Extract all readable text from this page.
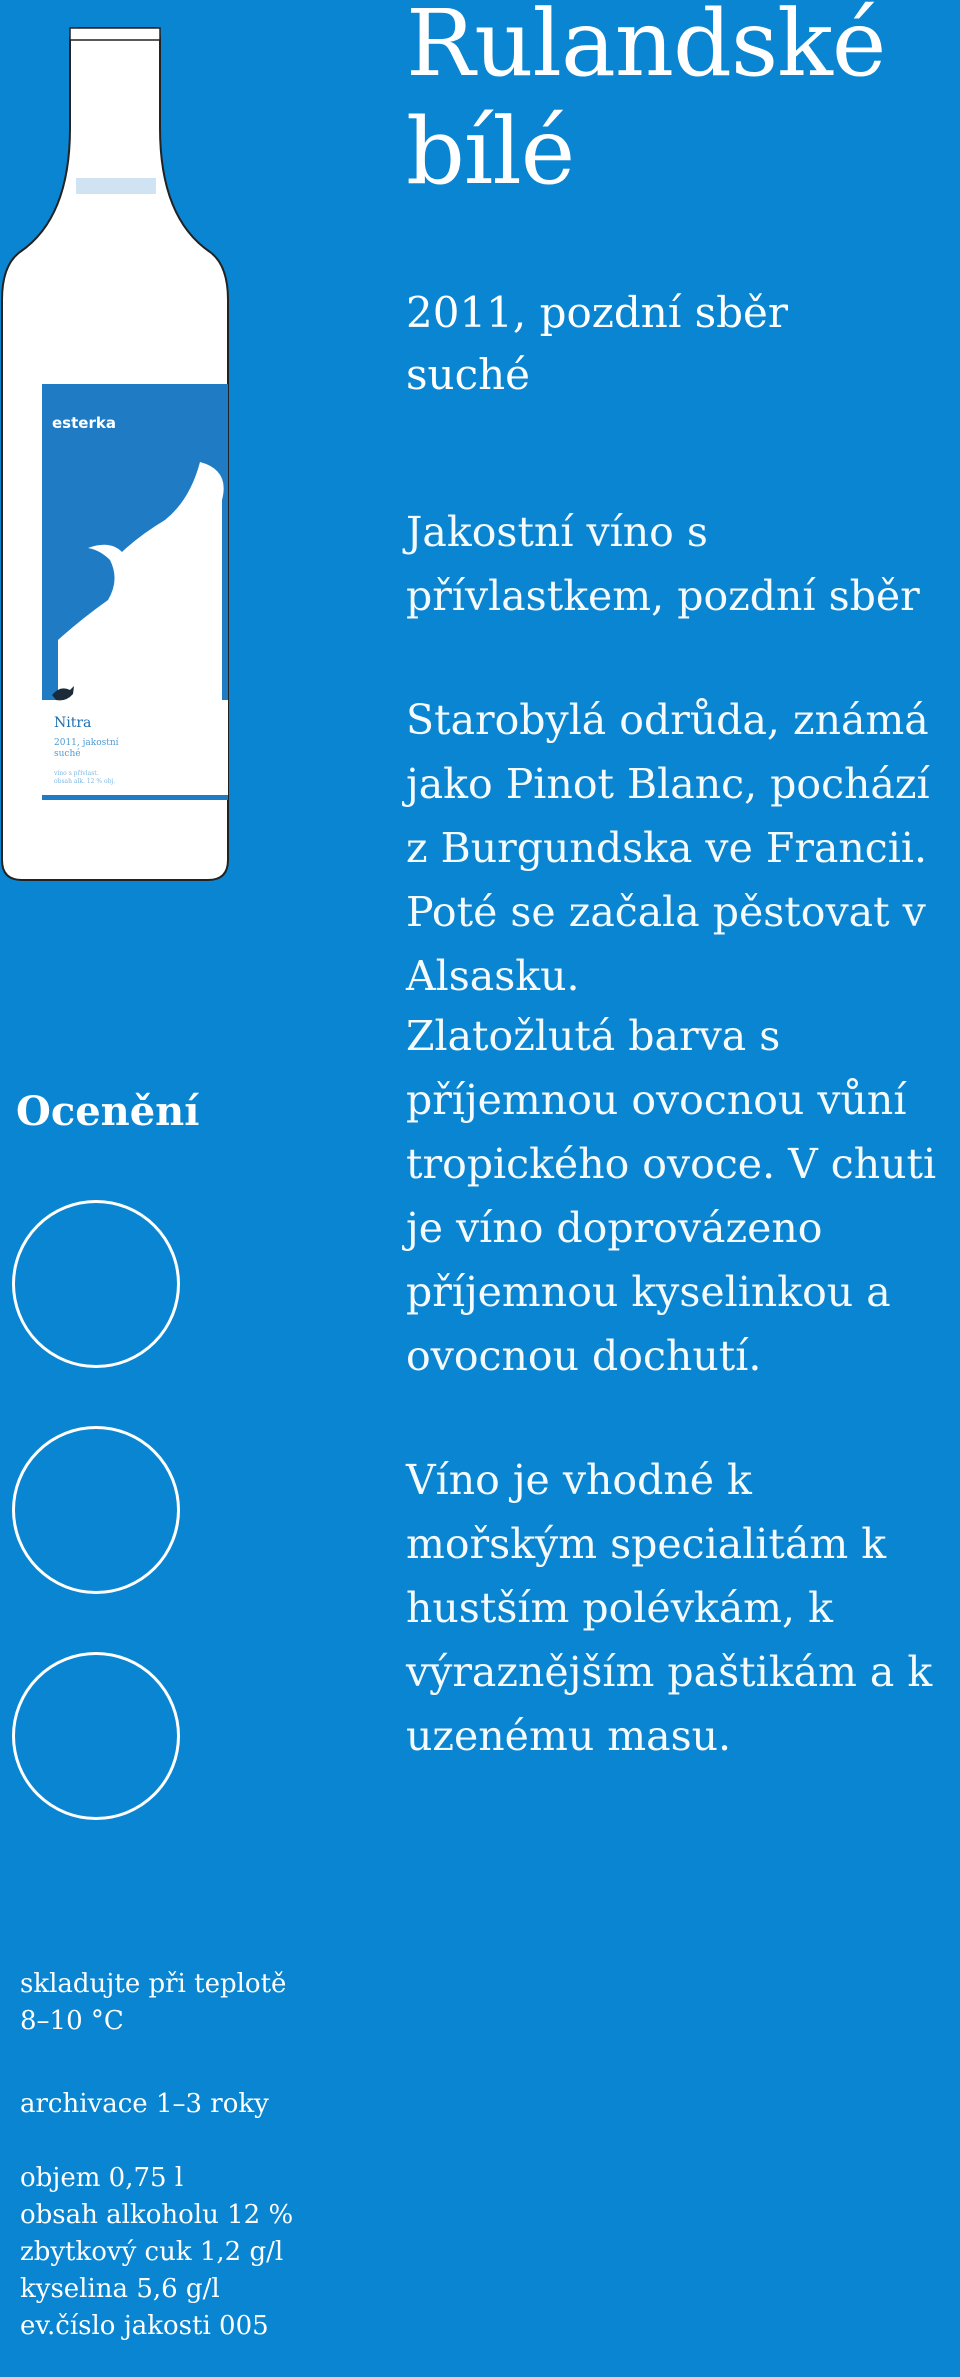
esterka
Nitra
2011, jakostní
suché
víno s přívlast.
obsah alk. 12 % obj.
Rulandské
bílé
2011, pozdní sběr
suché

Jakostní víno s přívlastkem, pozdní sběr

Starobylá odrůda, známá jako Pinot Blanc, pochází z Burgundska ve Francii. Poté se začala pěstovat v Alsasku.

Zlatožlutá barva s příjemnou ovocnou vůní tropického ovoce. V chuti je víno doprovázeno příjemnou kyselinkou a ovocnou dochutí.

Víno je vhodné k mořským specialitám k hustším polévkám, k výraznějším paštikám a k uzenému masu.

Ocenění
skladujte při teplotě
8–10 °C
archivace 1–3 roky
objem 0,75 l
obsah alkoholu 12 %
zbytkový cuk 1,2 g/l
kyselina 5,6 g/l
ev.číslo jakosti 005
